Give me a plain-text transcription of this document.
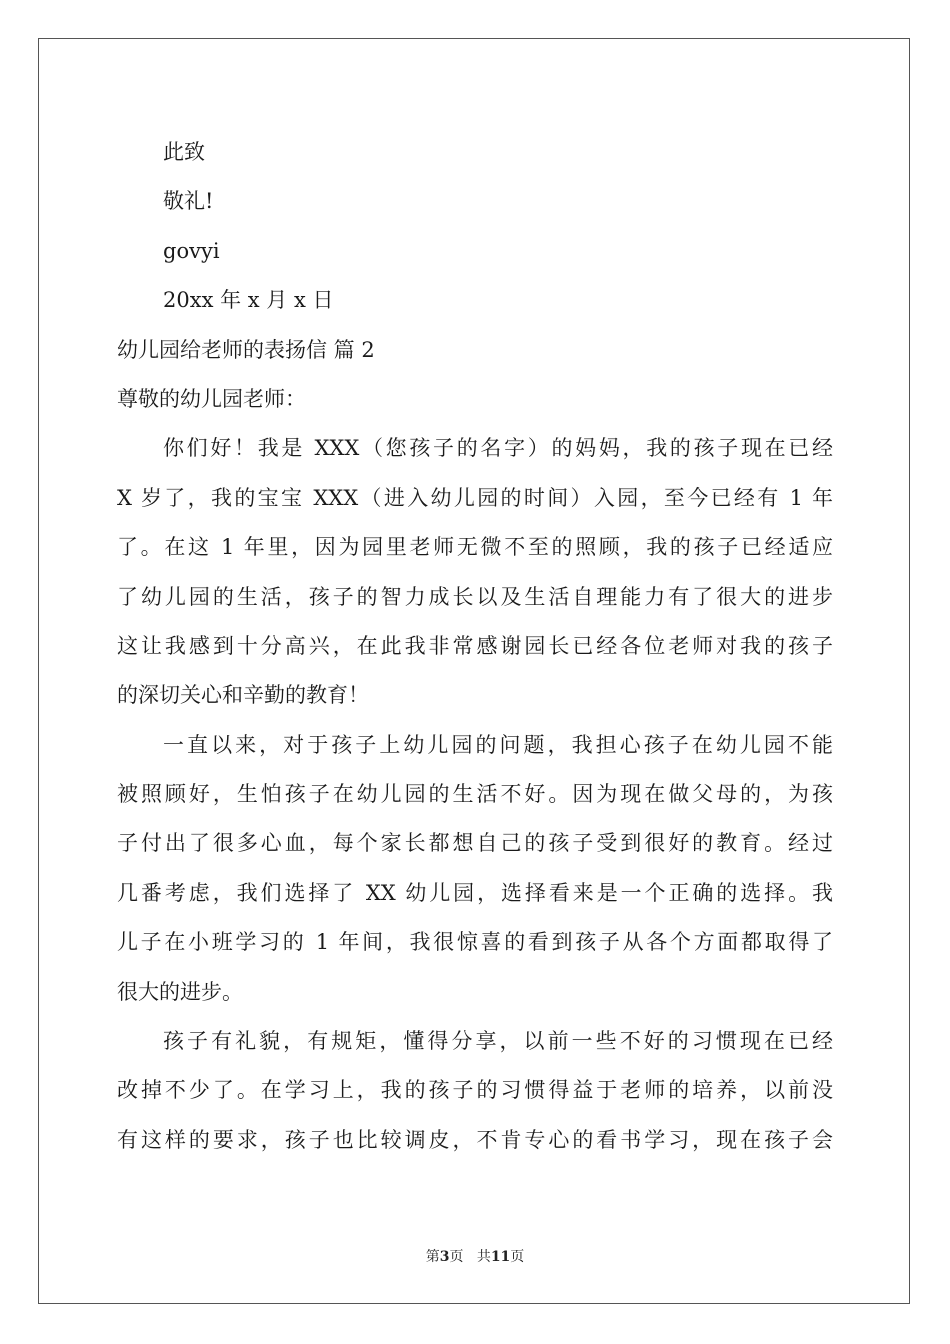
此致
敬礼!
govyi
20xx 年 x 月 x 日
幼儿园给老师的表扬信 篇 2
尊敬的幼儿园老师：
你们好！我是 XXX（您孩子的名字）的妈妈，我的孩子现在已经
X 岁了，我的宝宝 XXX（进入幼儿园的时间）入园，至今已经有 1 年
了。在这 1 年里，因为园里老师无微不至的照顾，我的孩子已经适应
了幼儿园的生活，孩子的智力成长以及生活自理能力有了很大的进步
这让我感到十分高兴，在此我非常感谢园长已经各位老师对我的孩子
的深切关心和辛勤的教育！
一直以来，对于孩子上幼儿园的问题，我担心孩子在幼儿园不能
被照顾好，生怕孩子在幼儿园的生活不好。因为现在做父母的，为孩
子付出了很多心血，每个家长都想自己的孩子受到很好的教育。经过
几番考虑，我们选择了 XX 幼儿园，选择看来是一个正确的选择。我
儿子在小班学习的 1 年间，我很惊喜的看到孩子从各个方面都取得了
很大的进步。
孩子有礼貌，有规矩，懂得分享，以前一些不好的习惯现在已经
改掉不少了。在学习上，我的孩子的习惯得益于老师的培养，以前没
有这样的要求，孩子也比较调皮，不肯专心的看书学习，现在孩子会
第3页 共11页
